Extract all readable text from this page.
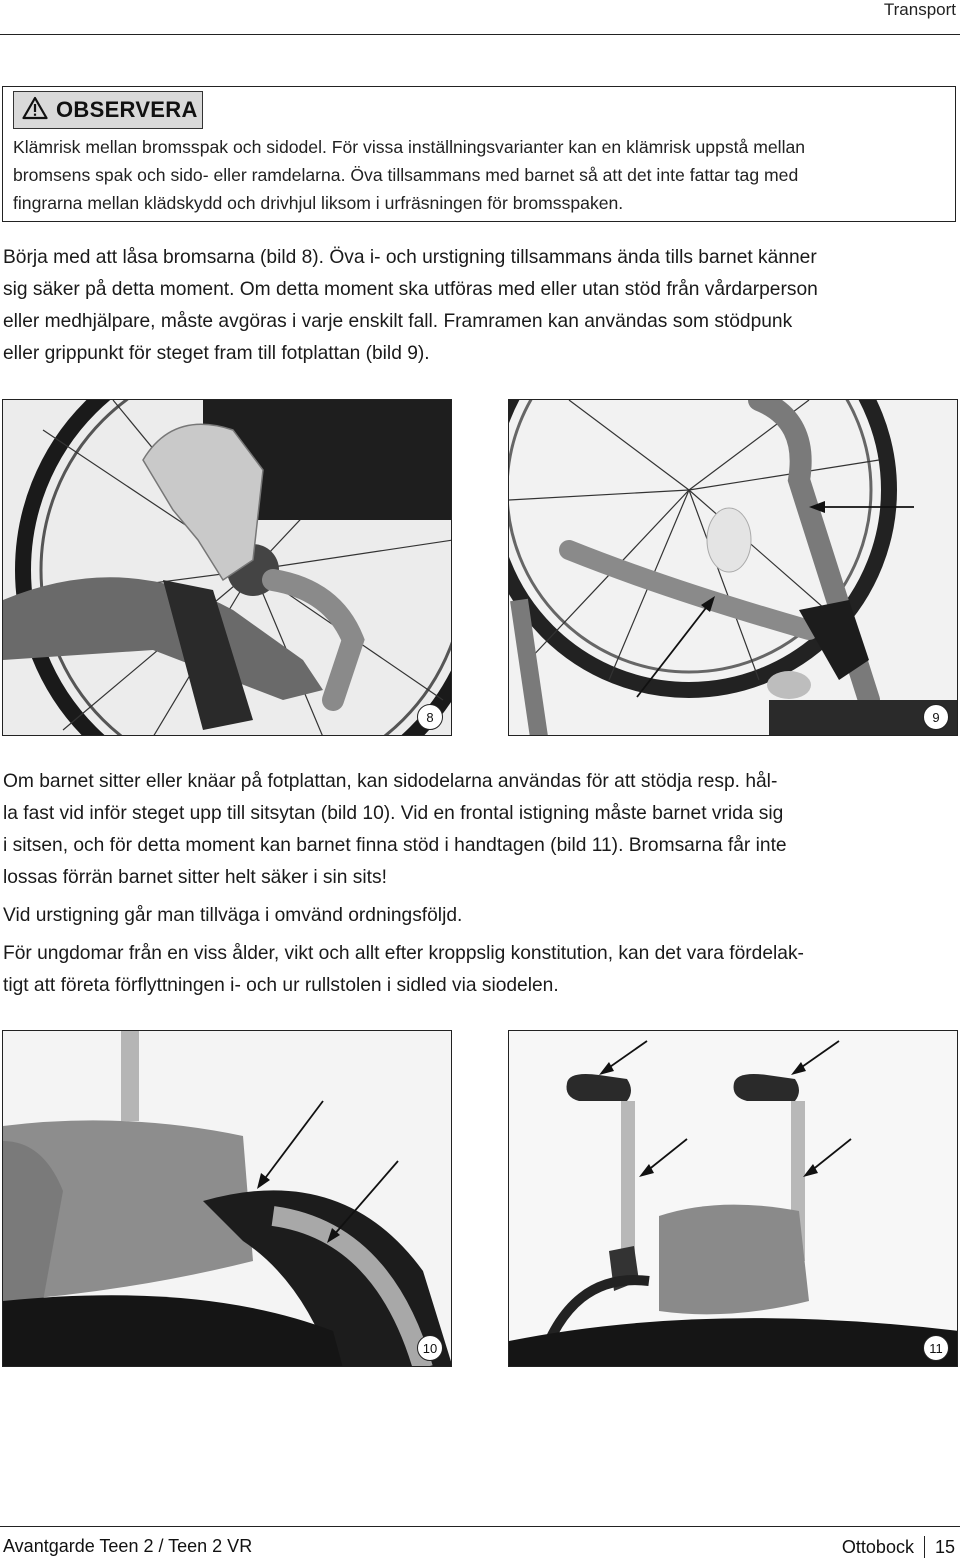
Transport
OBSERVERA
Klämrisk mellan bromsspak och sidodel. För vissa inställningsvarianter kan en klämrisk uppstå mellan
bromsens spak och sido- eller ramdelarna. Öva tillsammans med barnet så att det inte fattar tag med
fingrarna mellan klädskydd och drivhjul liksom i urfräsningen för bromsspaken.
Börja med att låsa bromsarna (bild 8). Öva i- och urstigning tillsammans ända tills barnet känner
sig säker på detta moment. Om detta moment ska utföras med eller utan stöd från vårdarperson
eller medhjälpare, måste avgöras i varje enskilt fall. Framramen kan användas som stödpunk
eller grippunkt för steget fram till fotplattan (bild 9).
8	9
Om barnet sitter eller knäar på fotplattan, kan sidodelarna användas för att stödja resp. hål-
la fast vid inför steget upp till sitsytan (bild 10). Vid en frontal istigning måste barnet vrida sig
i sitsen, och för detta moment kan barnet finna stöd i handtagen (bild 11). Bromsarna får inte
lossas förrän barnet sitter helt säker i sin sits!
Vid urstigning går man tillväga i omvänd ordningsföljd.
För ungdomar från en viss ålder, vikt och allt efter kroppslig konstitution, kan det vara fördelak-
tigt att företa förflyttningen i- och ur rullstolen i sidled via siodelen.
10	11
Avantgarde Teen 2 / Teen 2 VR	Ottobock 15
